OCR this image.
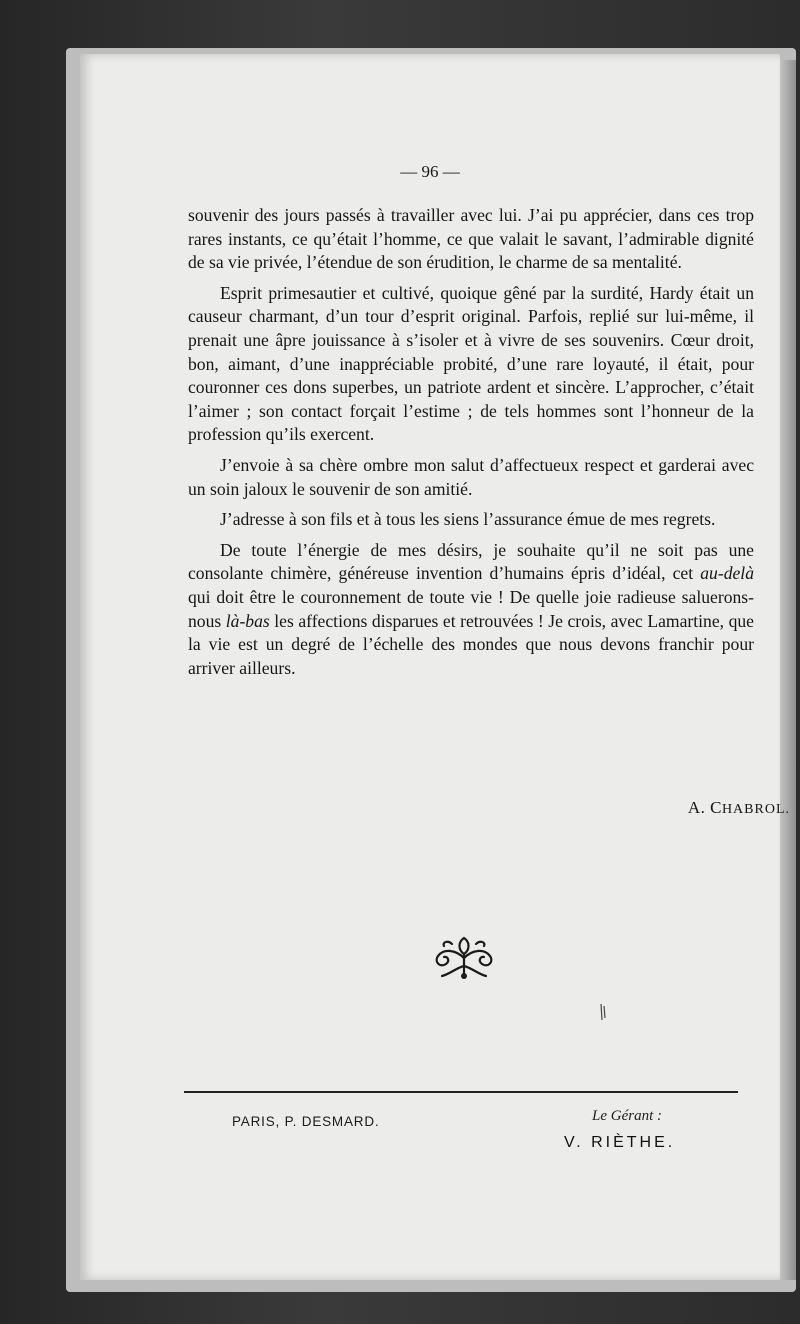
— 96 —

souvenir des jours passés à travailler avec lui. J’ai pu apprécier, dans ces trop rares instants, ce qu’était l’homme, ce que valait le savant, l’admirable dignité de sa vie privée, l’étendue de son érudition, le charme de sa mentalité.

Esprit primesautier et cultivé, quoique gêné par la surdité, Hardy était un causeur charmant, d’un tour d’esprit original. Parfois, replié sur lui-même, il prenait une âpre jouissance à s’isoler et à vivre de ses souvenirs. Cœur droit, bon, aimant, d’une inappréciable probité, d’une rare loyauté, il était, pour couronner ces dons superbes, un patriote ardent et sincère. L’approcher, c’était l’aimer ; son contact forçait l’estime ; de tels hommes sont l’honneur de la profession qu’ils exercent.

J’envoie à sa chère ombre mon salut d’affectueux respect et garderai avec un soin jaloux le souvenir de son amitié.

J’adresse à son fils et à tous les siens l’assurance émue de mes regrets.

De toute l’énergie de mes désirs, je souhaite qu’il ne soit pas une consolante chimère, généreuse invention d’humains épris d’idéal, cet au-delà qui doit être le couronnement de toute vie ! De quelle joie radieuse saluerons-nous là-bas les affections disparues et retrouvées ! Je crois, avec Lamartine, que la vie est un degré de l’échelle des mondes que nous devons franchir pour arriver ailleurs.

A. CHABROL.
PARIS, P. DESMARD.	Le Gérant :
V. RIÈTHE.
